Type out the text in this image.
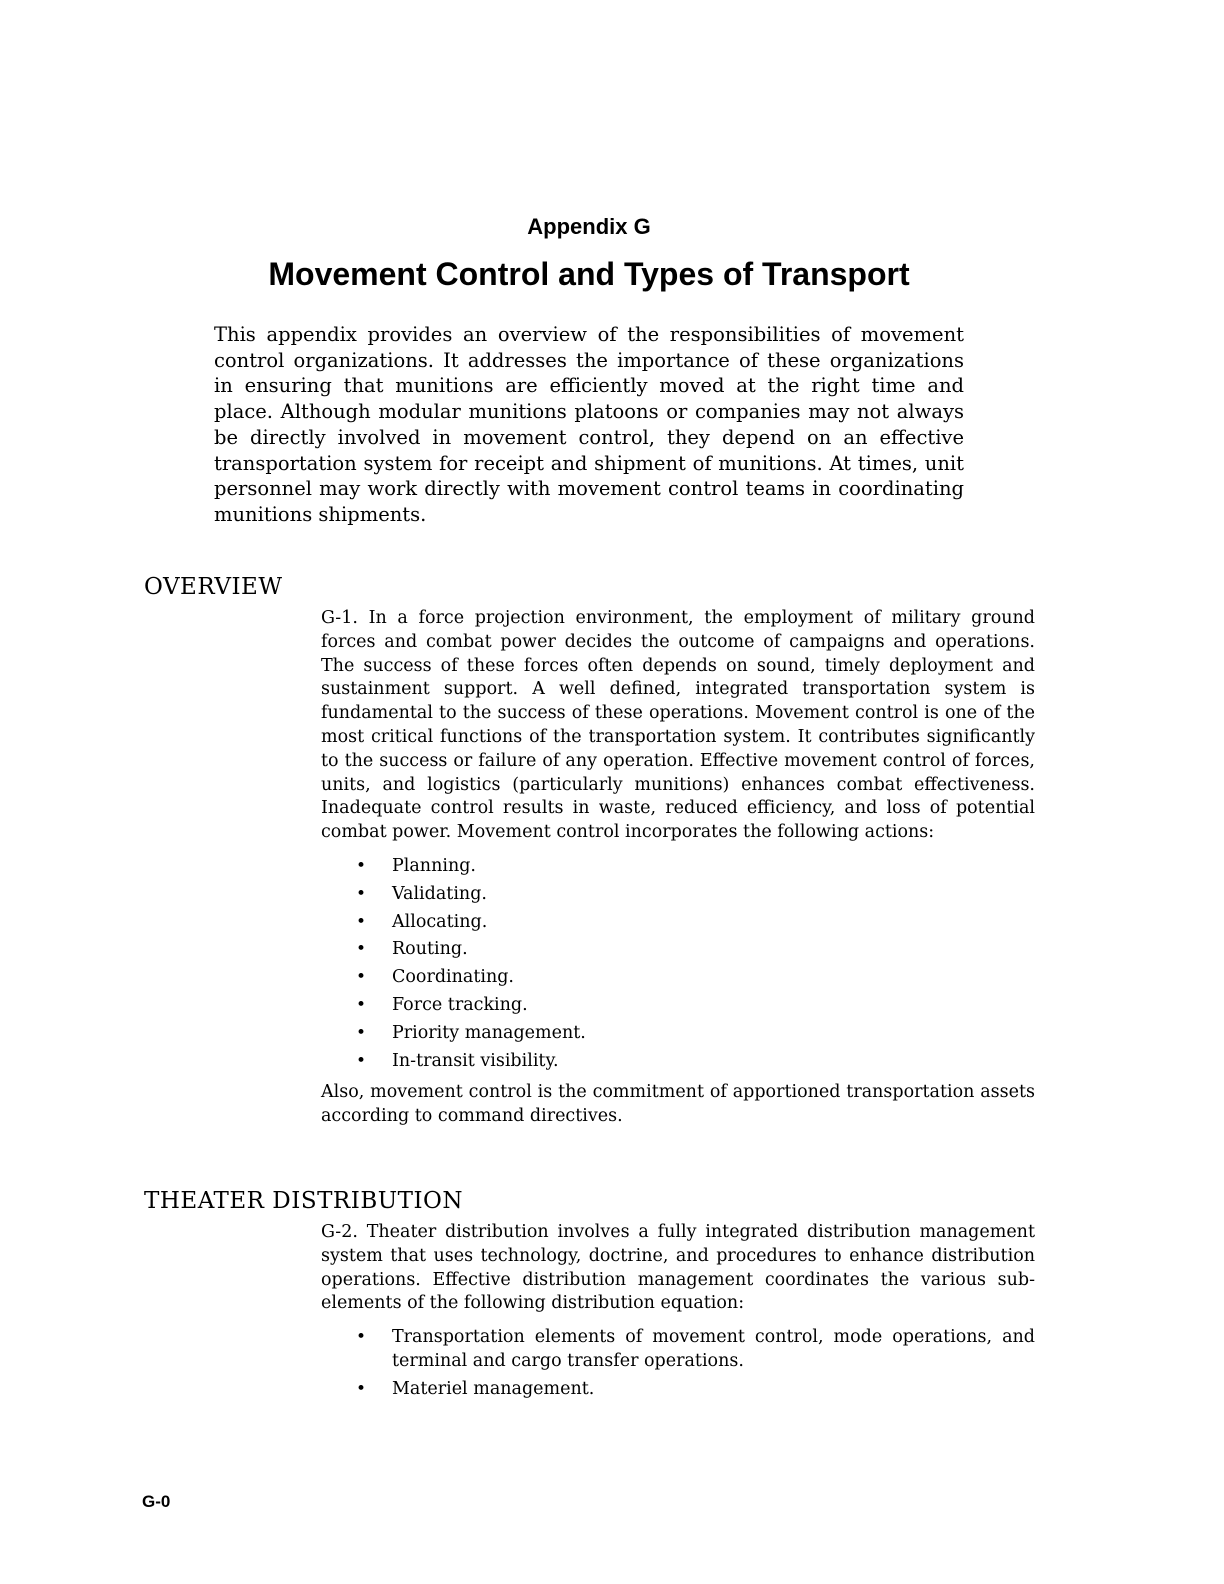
Appendix G
Movement Control and Types of Transport

This appendix provides an overview of the responsibilities of movement control organizations. It addresses the importance of these organizations in ensuring that munitions are efficiently moved at the right time and place. Although modular munitions platoons or companies may not always be directly involved in movement control, they depend on an effective transportation system for receipt and shipment of munitions. At times, unit personnel may work directly with movement control teams in coordinating munitions shipments.

OVERVIEW

G-1. In a force projection environment, the employment of military ground forces and combat power decides the outcome of campaigns and operations. The success of these forces often depends on sound, timely deployment and sustainment support. A well defined, integrated transportation system is fundamental to the success of these operations. Movement control is one of the most critical functions of the transportation system. It contributes significantly to the success or failure of any operation. Effective movement control of forces, units, and logistics (particularly munitions) enhances combat effectiveness. Inadequate control results in waste, reduced efficiency, and loss of potential combat power. Movement control incorporates the following actions:

• Planning.
• Validating.
• Allocating.
• Routing.
• Coordinating.
• Force tracking.
• Priority management.
• In-transit visibility.

Also, movement control is the commitment of apportioned transportation assets according to command directives.

THEATER DISTRIBUTION

G-2. Theater distribution involves a fully integrated distribution management system that uses technology, doctrine, and procedures to enhance distribution operations. Effective distribution management coordinates the various sub-elements of the following distribution equation:

• Transportation elements of movement control, mode operations, and terminal and cargo transfer operations.
• Materiel management.
G-0
